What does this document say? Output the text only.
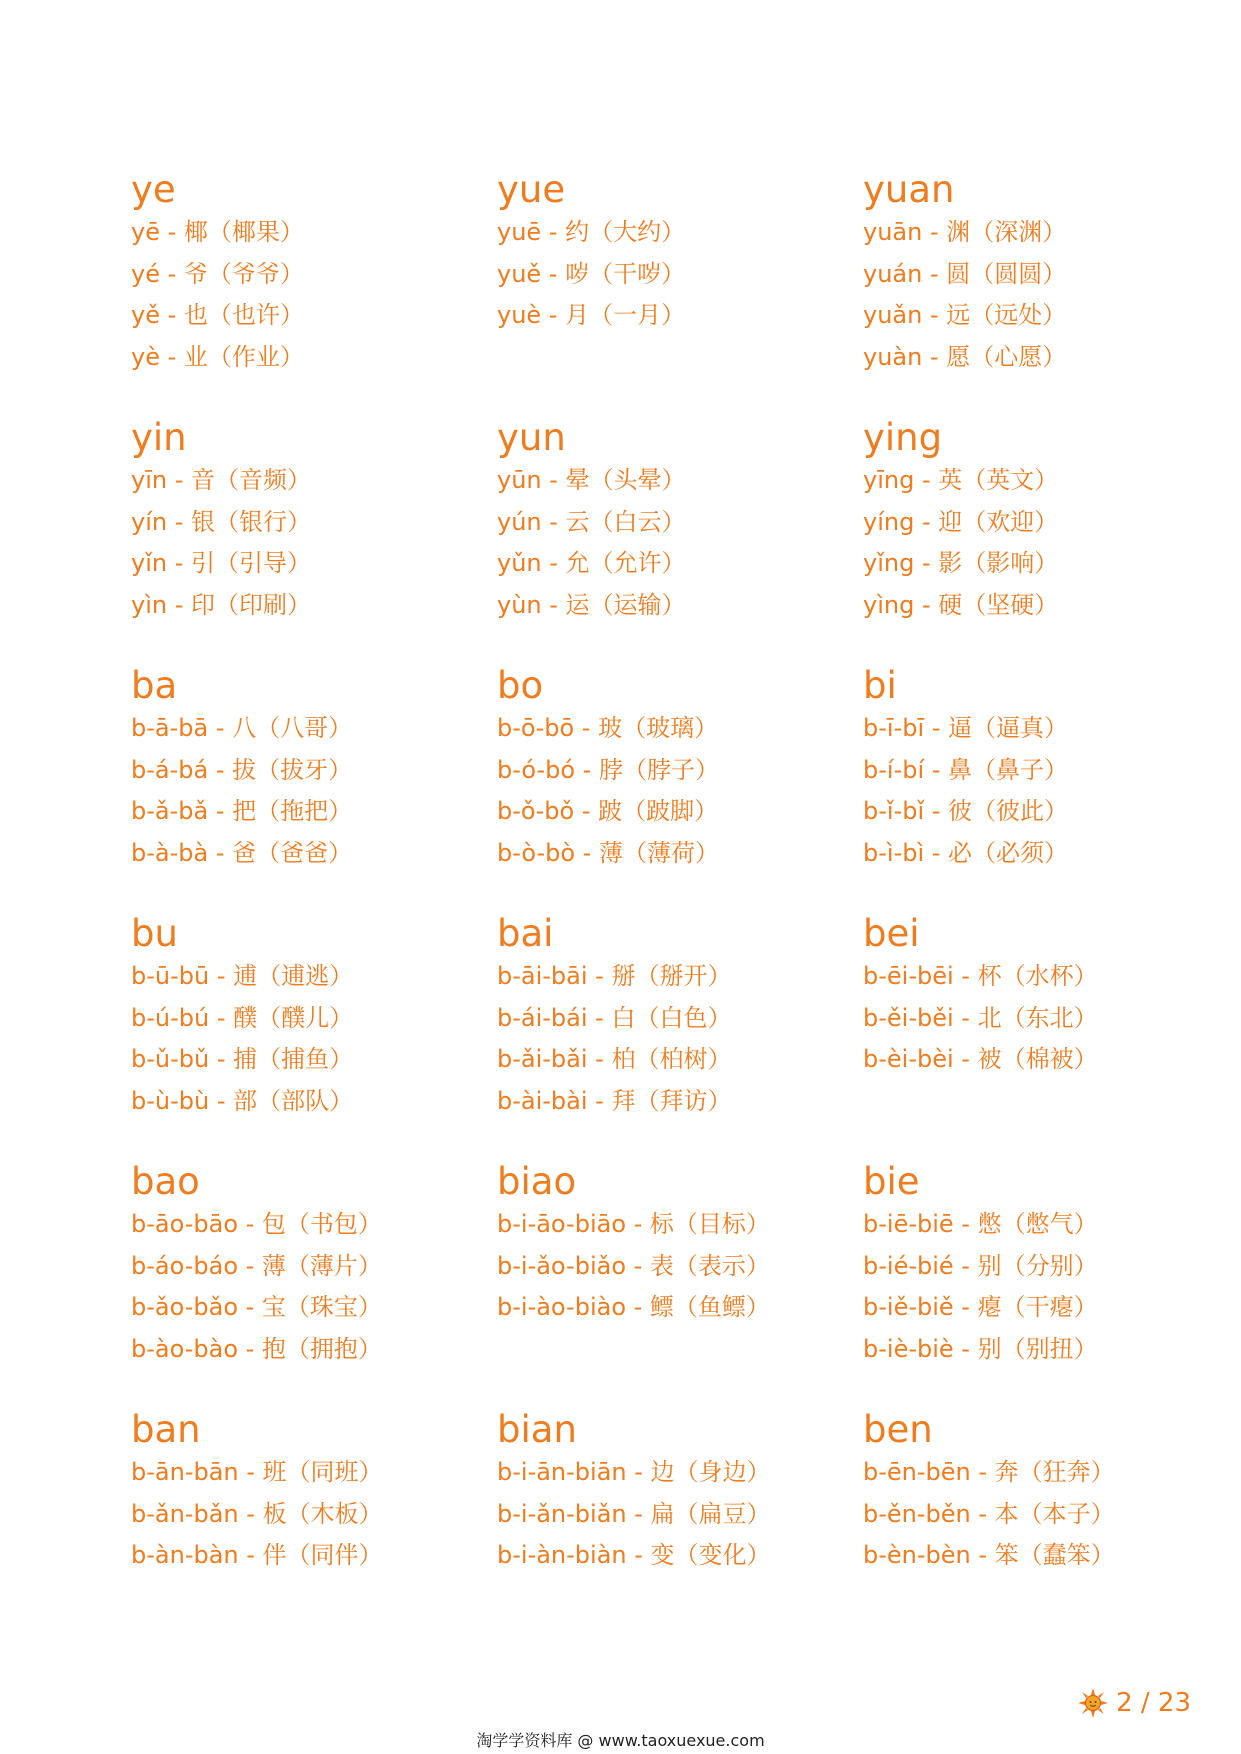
ye
yē - 椰（椰果）
yé - 爷（爷爷）
yě - 也（也许）
yè - 业（作业）
yue
yuē - 约（大约）
yuě - 哕（干哕）
yuè - 月（一月）
yuan
yuān - 渊（深渊）
yuán - 圆（圆圆）
yuǎn - 远（远处）
yuàn - 愿（心愿）
yin
yīn - 音（音频）
yín - 银（银行）
yǐn - 引（引导）
yìn - 印（印刷）
yun
yūn - 晕（头晕）
yún - 云（白云）
yǔn - 允（允许）
yùn - 运（运输）
ying
yīng - 英（英文）
yíng - 迎（欢迎）
yǐng - 影（影响）
yìng - 硬（坚硬）
ba
b-ā-bā - 八（八哥）
b-á-bá - 拔（拔牙）
b-ǎ-bǎ - 把（拖把）
b-à-bà - 爸（爸爸）
bo
b-ō-bō - 玻（玻璃）
b-ó-bó - 脖（脖子）
b-ǒ-bǒ - 跛（跛脚）
b-ò-bò - 薄（薄荷）
bi
b-ī-bī - 逼（逼真）
b-í-bí - 鼻（鼻子）
b-ǐ-bǐ - 彼（彼此）
b-ì-bì - 必（必须）
bu
b-ū-bū - 逋（逋逃）
b-ú-bú - 醭（醭儿）
b-ǔ-bǔ - 捕（捕鱼）
b-ù-bù - 部（部队）
bai
b-āi-bāi - 掰（掰开）
b-ái-bái - 白（白色）
b-ǎi-bǎi - 柏（柏树）
b-ài-bài - 拜（拜访）
bei
b-ēi-bēi - 杯（水杯）
b-ěi-běi - 北（东北）
b-èi-bèi - 被（棉被）
bao
b-āo-bāo - 包（书包）
b-áo-báo - 薄（薄片）
b-ǎo-bǎo - 宝（珠宝）
b-ào-bào - 抱（拥抱）
biao
b-i-āo-biāo - 标（目标）
b-i-ǎo-biǎo - 表（表示）
b-i-ào-biào - 鳔（鱼鳔）
bie
b-iē-biē - 憋（憋气）
b-ié-bié - 别（分别）
b-iě-biě - 瘪（干瘪）
b-iè-biè - 别（别扭）
ban
b-ān-bān - 班（同班）
b-ǎn-bǎn - 板（木板）
b-àn-bàn - 伴（同伴）
bian
b-i-ān-biān - 边（身边）
b-i-ǎn-biǎn - 扁（扁豆）
b-i-àn-biàn - 变（变化）
ben
b-ēn-bēn - 奔（狂奔）
b-ěn-běn - 本（本子）
b-èn-bèn - 笨（蠢笨）
2 / 23
淘学学资料库 @ www.taoxuexue.com
